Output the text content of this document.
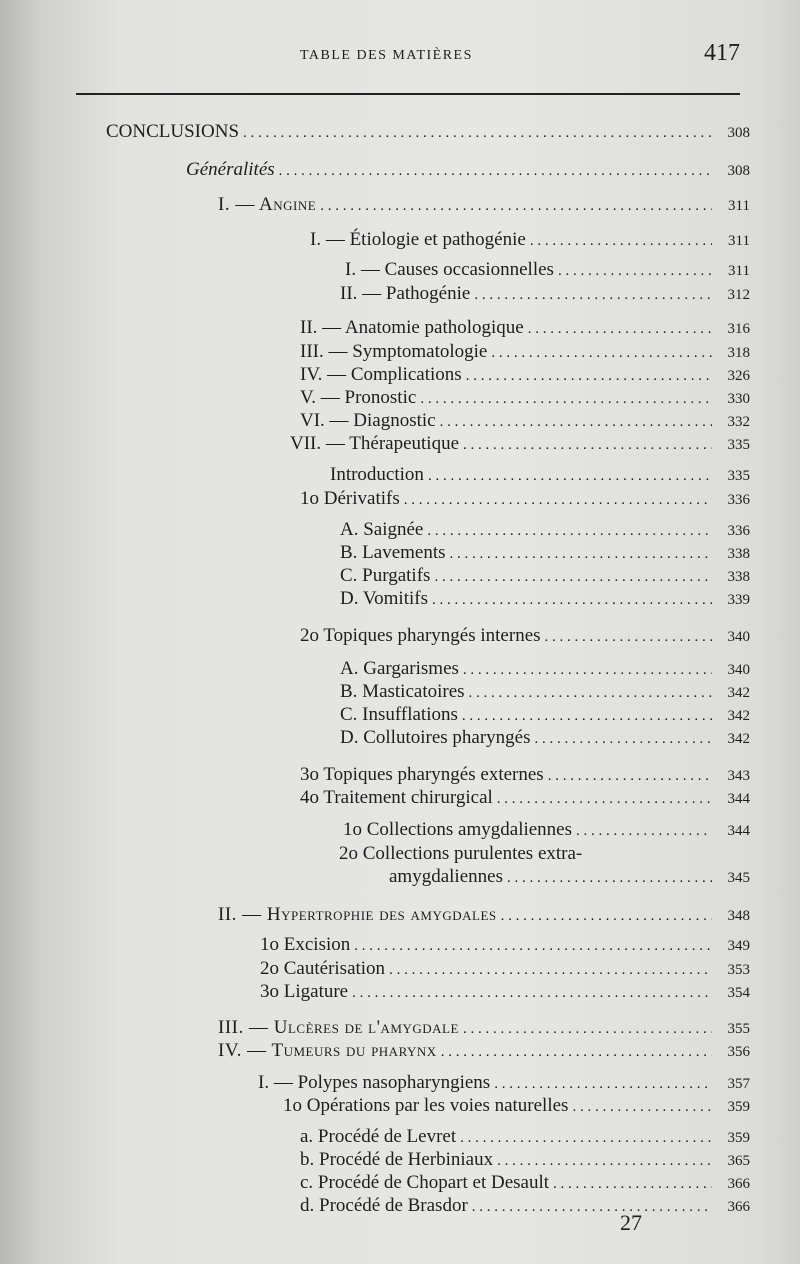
TABLE DES MATIÈRES	417
CONCLUSIONS . . .	308
Généralités . . .	308
I. — Angine . . .	311
I. — Étiologie et pathogénie . . .	311
I. — Causes occasionnelles . . .	311
II. — Pathogénie . . .	312
II. — Anatomie pathologique . . .	316
III. — Symptomatologie . . .	318
IV. — Complications . . .	326
V. — Pronostic . . .	330
VI. — Diagnostic . . .	332
VII. — Thérapeutique . . .	335
Introduction . . .	335
1o Dérivatifs . . .	336
A. Saignée . . .	336
B. Lavements . . .	338
C. Purgatifs . . .	338
D. Vomitifs . . .	339
2o Topiques pharyngés internes . . .	340
A. Gargarismes . . .	340
B. Masticatoires . . .	342
C. Insufflations . . .	342
D. Collutoires pharyngés . . .	342
3o Topiques pharyngés externes . . .	343
4o Traitement chirurgical . . .	344
1o Collections amygdaliennes . . .	344
2o Collections purulentes extra-
amygdaliennes . . .	345
II. — Hypertrophie des amygdales . . .	348
1o Excision . . .	349
2o Cautérisation . . .	353
3o Ligature . . .	354
III. — Ulcères de l'amygdale . . .	355
IV. — Tumeurs du pharynx . . .	356
I. — Polypes nasopharyngiens . . .	357
1o Opérations par les voies naturelles . . .	359
a. Procédé de Levret . . .	359
b. Procédé de Herbiniaux . . .	365
c. Procédé de Chopart et Desault . . .	366
d. Procédé de Brasdor . . .	366
27
